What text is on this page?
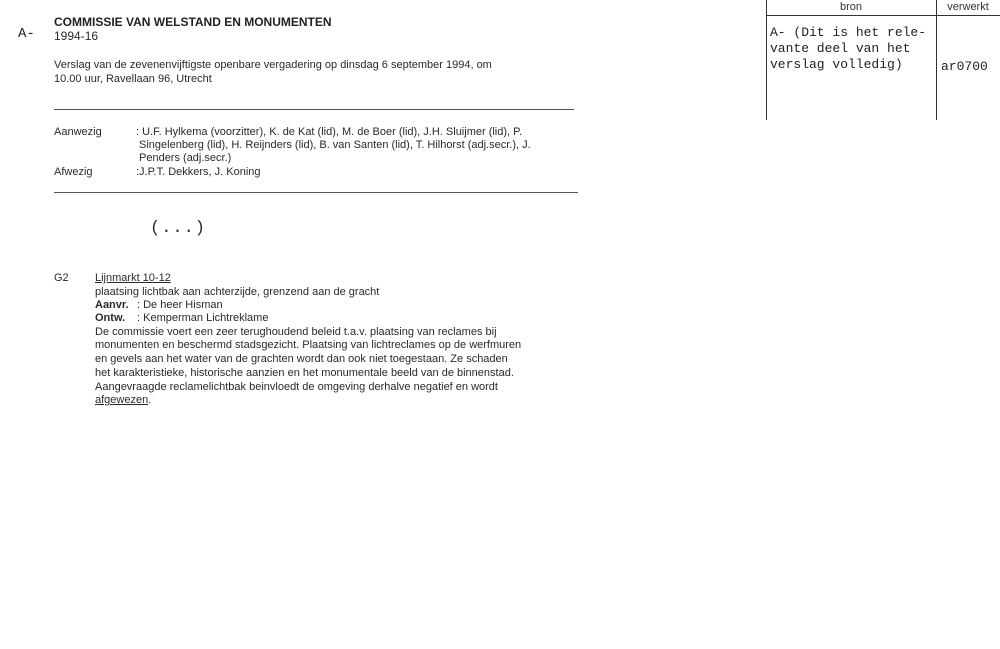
A-
COMMISSIE VAN WELSTAND EN MONUMENTEN
1994-16
Verslag van de zevenenvijftigste openbare vergadering op dinsdag 6 september 1994, om
10.00 uur, Ravellaan 96, Utrecht
Aanwezig	: U.F. Hylkema (voorzitter), K. de Kat (lid), M. de Boer (lid), J.H. Sluijmer (lid), P.
Singelenberg (lid), H. Reijnders (lid), B. van Santen (lid), T. Hilhorst (adj.secr.), J.
Penders (adj.secr.)
Afwezig	:J.P.T. Dekkers, J. Koning
(...)
G2 Lijnmarkt 10-12
plaatsing lichtbak aan achterzijde, grenzend aan de gracht
Aanvr. : De heer Hisman
Ontw. : Kemperman Lichtreklame
De commissie voert een zeer terughoudend beleid t.a.v. plaatsing van reclames bij
monumenten en beschermd stadsgezicht. Plaatsing van lichtreclames op de werfmuren
en gevels aan het water van de grachten wordt dan ook niet toegestaan. Ze schaden
het karakteristieke, historische aanzien en het monumentale beeld van de binnenstad.
Aangevraagde reclamelichtbak beinvloedt de omgeving derhalve negatief en wordt
afgewezen.
bron	verwerkt
A- (Dit is het rele-
vante deel van het
verslag volledig)	ar0700
